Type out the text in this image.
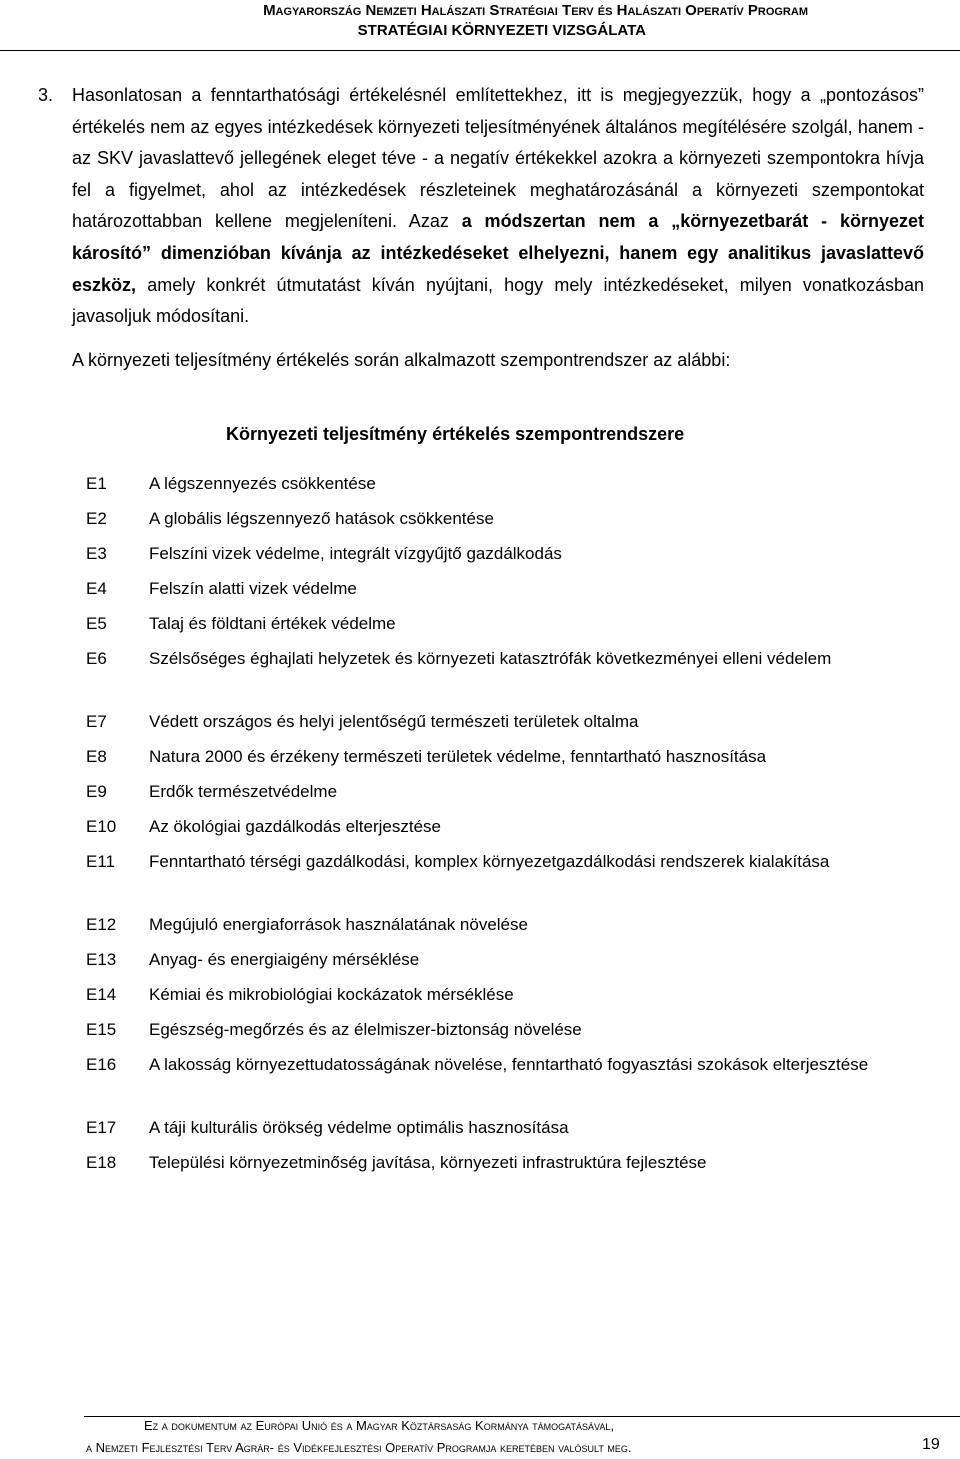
Magyarország Nemzeti Halászati Stratégiai Terv és Halászati Operatív Program
STRATÉGIAI KÖRNYEZETI VIZSGÁLATA

3. Hasonlatosan a fenntarthatósági értékelésnél említettekhez, itt is megjegyezzük, hogy a „pontozásos” értékelés nem az egyes intézkedések környezeti teljesítményének általános megítélésére szolgál, hanem - az SKV javaslattevő jellegének eleget téve - a negatív értékekkel azokra a környezeti szempontokra hívja fel a figyelmet, ahol az intézkedések részleteinek meghatározásánál a környezeti szempontokat határozottabban kellene megjeleníteni. Azaz a módszertan nem a „környezetbarát - környezet károsító” dimenzióban kívánja az intézkedéseket elhelyezni, hanem egy analitikus javaslattevő eszköz, amely konkrét útmutatást kíván nyújtani, hogy mely intézkedéseket, milyen vonatkozásban javasoljuk módosítani.

A környezeti teljesítmény értékelés során alkalmazott szempontrendszer az alábbi:

Környezeti teljesítmény értékelés szempontrendszere
E1 A légszennyezés csökkentése
E2 A globális légszennyező hatások csökkentése
E3 Felszíni vizek védelme, integrált vízgyűjtő gazdálkodás
E4 Felszín alatti vizek védelme
E5 Talaj és földtani értékek védelme
E6 Szélsőséges éghajlati helyzetek és környezeti katasztrófák következményei elleni védelem
E7 Védett országos és helyi jelentőségű természeti területek oltalma
E8 Natura 2000 és érzékeny természeti területek védelme, fenntartható hasznosítása
E9 Erdők természetvédelme
E10 Az ökológiai gazdálkodás elterjesztése
E11 Fenntartható térségi gazdálkodási, komplex környezetgazdálkodási rendszerek kialakítása
E12 Megújuló energiaforrások használatának növelése
E13 Anyag- és energiaigény mérséklése
E14 Kémiai és mikrobiológiai kockázatok mérséklése
E15 Egészség-megőrzés és az élelmiszer-biztonság növelése
E16 A lakosság környezettudatosságának növelése, fenntartható fogyasztási szokások elterjesztése
E17 A táji kulturális örökség védelme optimális hasznosítása
E18 Települési környezetminőség javítása, környezeti infrastruktúra fejlesztése
Ez a dokumentum az Európai Unió és a Magyar Köztársaság Kormánya támogatásával,
a Nemzeti Fejlesztési Terv Agrár- és Vidékfejlesztési Operatív Programja keretében valósult meg.	19
